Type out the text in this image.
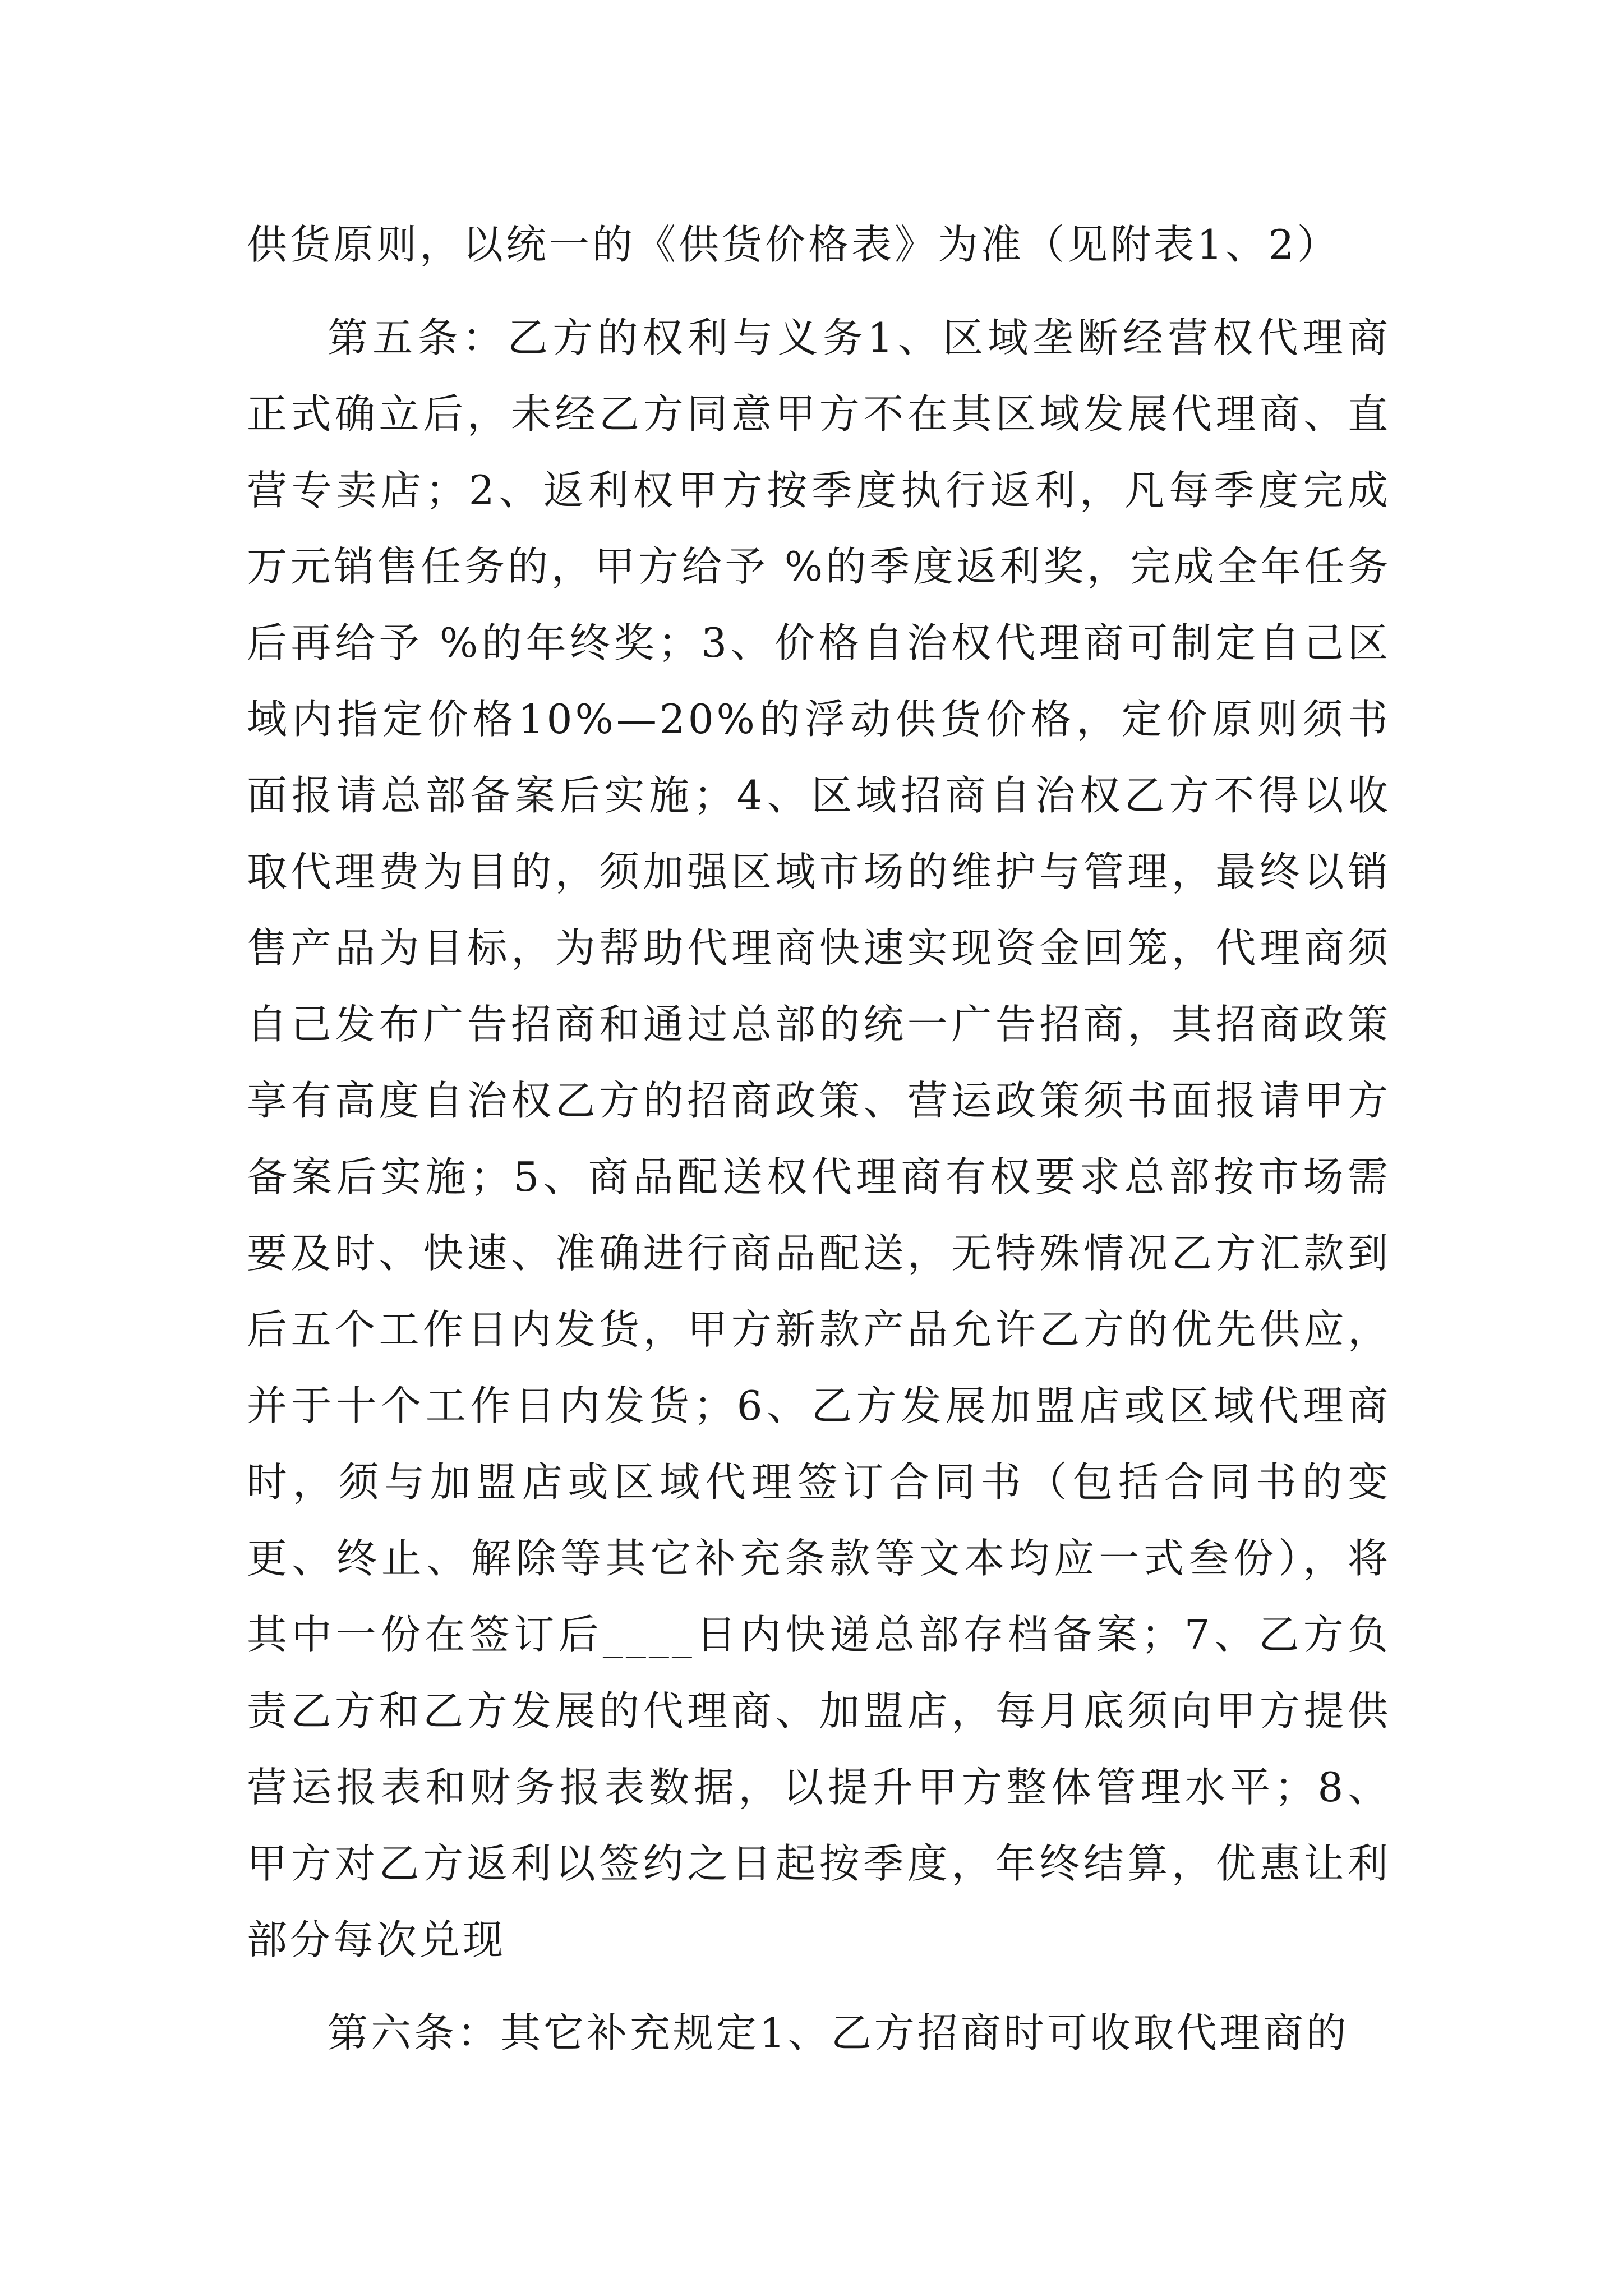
供货原则，以统一的《供货价格表》为准（见附表1、2）

第五条：乙方的权利与义务1、区域垄断经营权代理商正式确立后，未经乙方同意甲方不在其区域发展代理商、直营专卖店；2、返利权甲方按季度执行返利，凡每季度完成万元销售任务的，甲方给予 %的季度返利奖，完成全年任务后再给予 %的年终奖；3、价格自治权代理商可制定自己区域内指定价格10%—20%的浮动供货价格，定价原则须书面报请总部备案后实施；4、区域招商自治权乙方不得以收取代理费为目的，须加强区域市场的维护与管理，最终以销售产品为目标，为帮助代理商快速实现资金回笼，代理商须自己发布广告招商和通过总部的统一广告招商，其招商政策享有高度自治权乙方的招商政策、营运政策须书面报请甲方备案后实施；5、商品配送权代理商有权要求总部按市场需要及时、快速、准确进行商品配送，无特殊情况乙方汇款到后五个工作日内发货，甲方新款产品允许乙方的优先供应，并于十个工作日内发货；6、乙方发展加盟店或区域代理商时，须与加盟店或区域代理签订合同书（包括合同书的变更、终止、解除等其它补充条款等文本均应一式叁份），将其中一份在签订后____日内快递总部存档备案；7、乙方负责乙方和乙方发展的代理商、加盟店，每月底须向甲方提供营运报表和财务报表数据，以提升甲方整体管理水平；8、甲方对乙方返利以签约之日起按季度，年终结算，优惠让利部分每次兑现

第六条：其它补充规定1、乙方招商时可收取代理商的
